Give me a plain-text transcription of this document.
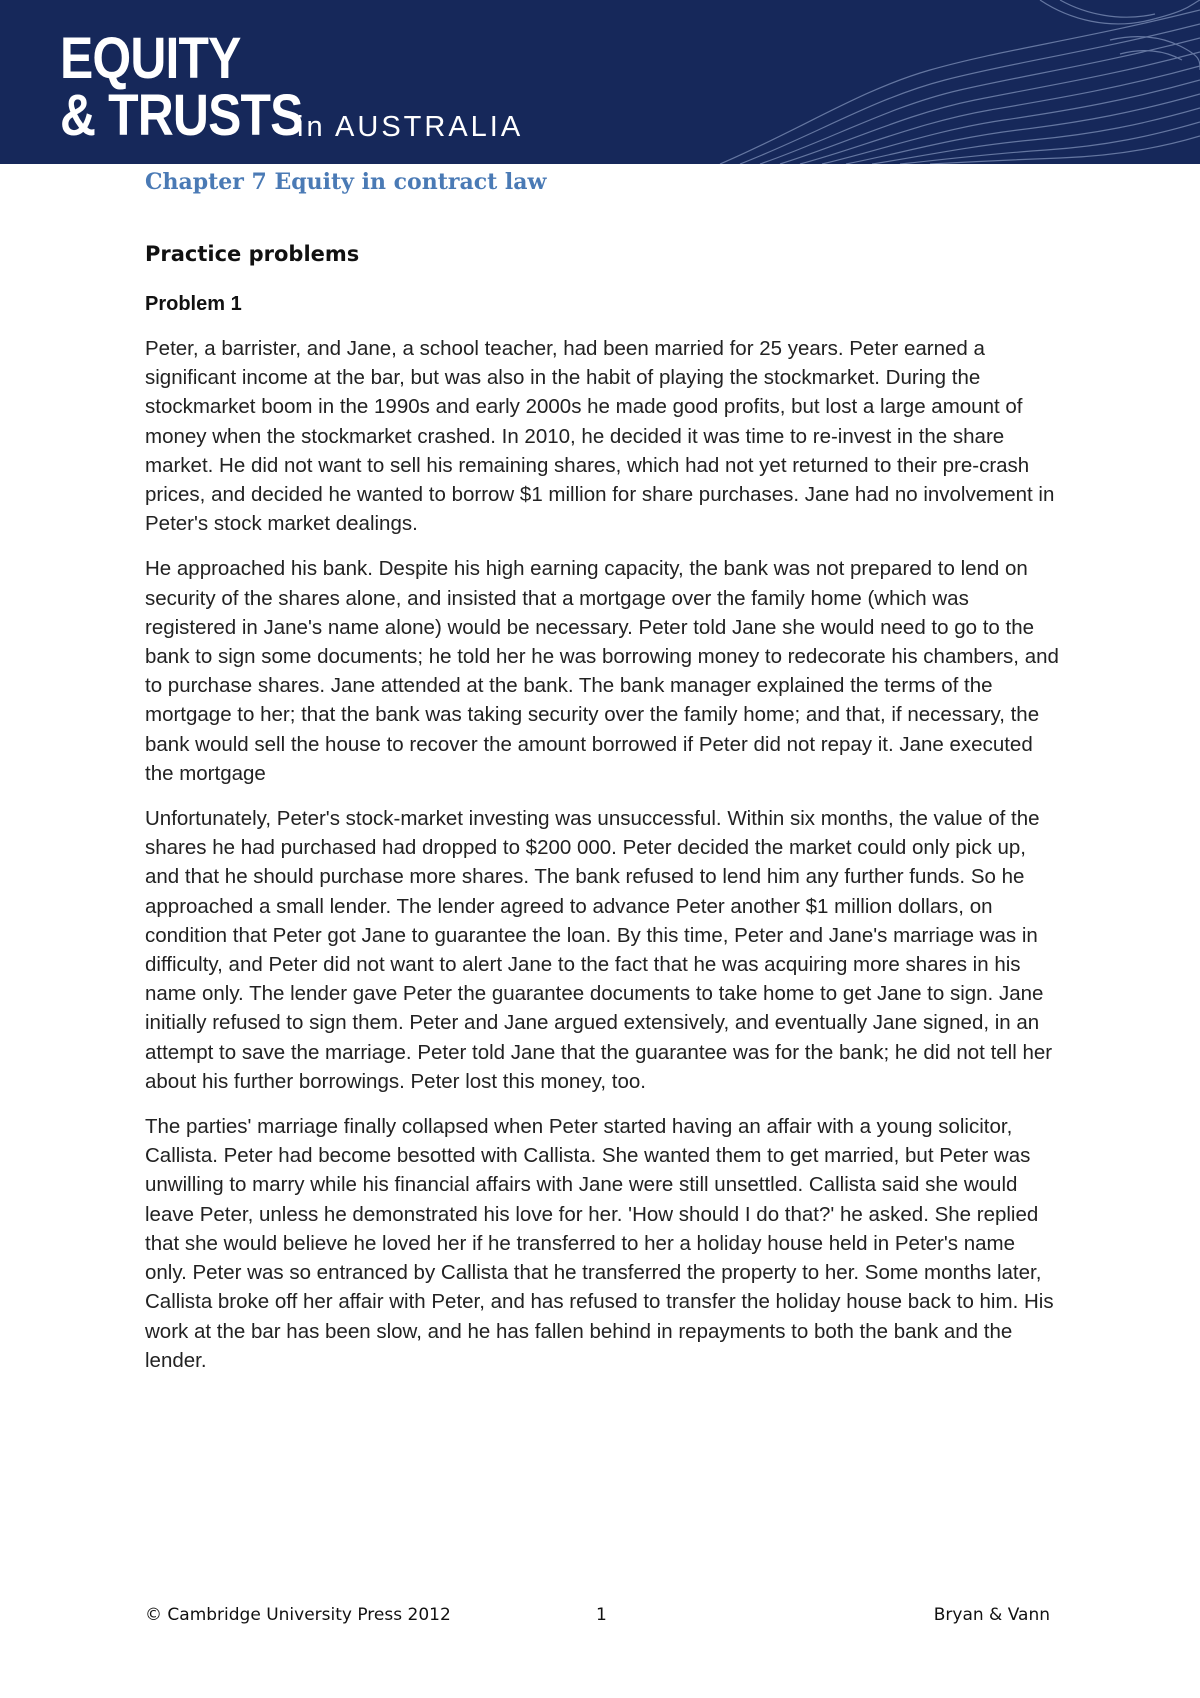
EQUITY
& TRUSTS
in AUSTRALIA
Chapter 7 Equity in contract law
Practice problems
Problem 1

Peter, a barrister, and Jane, a school teacher, had been married for 25 years. Peter earned a significant income at the bar, but was also in the habit of playing the stockmarket. During the stockmarket boom in the 1990s and early 2000s he made good profits, but lost a large amount of money when the stockmarket crashed. In 2010, he decided it was time to re-invest in the share market. He did not want to sell his remaining shares, which had not yet returned to their pre-crash prices, and decided he wanted to borrow $1 million for share purchases. Jane had no involvement in Peter's stock market dealings.

He approached his bank. Despite his high earning capacity, the bank was not prepared to lend on security of the shares alone, and insisted that a mortgage over the family home (which was registered in Jane's name alone) would be necessary. Peter told Jane she would need to go to the bank to sign some documents; he told her he was borrowing money to redecorate his chambers, and to purchase shares. Jane attended at the bank. The bank manager explained the terms of the mortgage to her; that the bank was taking security over the family home; and that, if necessary, the bank would sell the house to recover the amount borrowed if Peter did not repay it. Jane executed the mortgage

Unfortunately, Peter's stock-market investing was unsuccessful. Within six months, the value of the shares he had purchased had dropped to $200 000. Peter decided the market could only pick up, and that he should purchase more shares. The bank refused to lend him any further funds. So he approached a small lender. The lender agreed to advance Peter another $1 million dollars, on condition that Peter got Jane to guarantee the loan. By this time, Peter and Jane's marriage was in difficulty, and Peter did not want to alert Jane to the fact that he was acquiring more shares in his name only. The lender gave Peter the guarantee documents to take home to get Jane to sign. Jane initially refused to sign them. Peter and Jane argued extensively, and eventually Jane signed, in an attempt to save the marriage. Peter told Jane that the guarantee was for the bank; he did not tell her about his further borrowings. Peter lost this money, too.

The parties' marriage finally collapsed when Peter started having an affair with a young solicitor, Callista. Peter had become besotted with Callista. She wanted them to get married, but Peter was unwilling to marry while his financial affairs with Jane were still unsettled. Callista said she would leave Peter, unless he demonstrated his love for her. 'How should I do that?' he asked. She replied that she would believe he loved her if he transferred to her a holiday house held in Peter's name only. Peter was so entranced by Callista that he transferred the property to her. Some months later, Callista broke off her affair with Peter, and has refused to transfer the holiday house back to him. His work at the bar has been slow, and he has fallen behind in repayments to both the bank and the lender.

© Cambridge University Press 2012	1	Bryan & Vann
